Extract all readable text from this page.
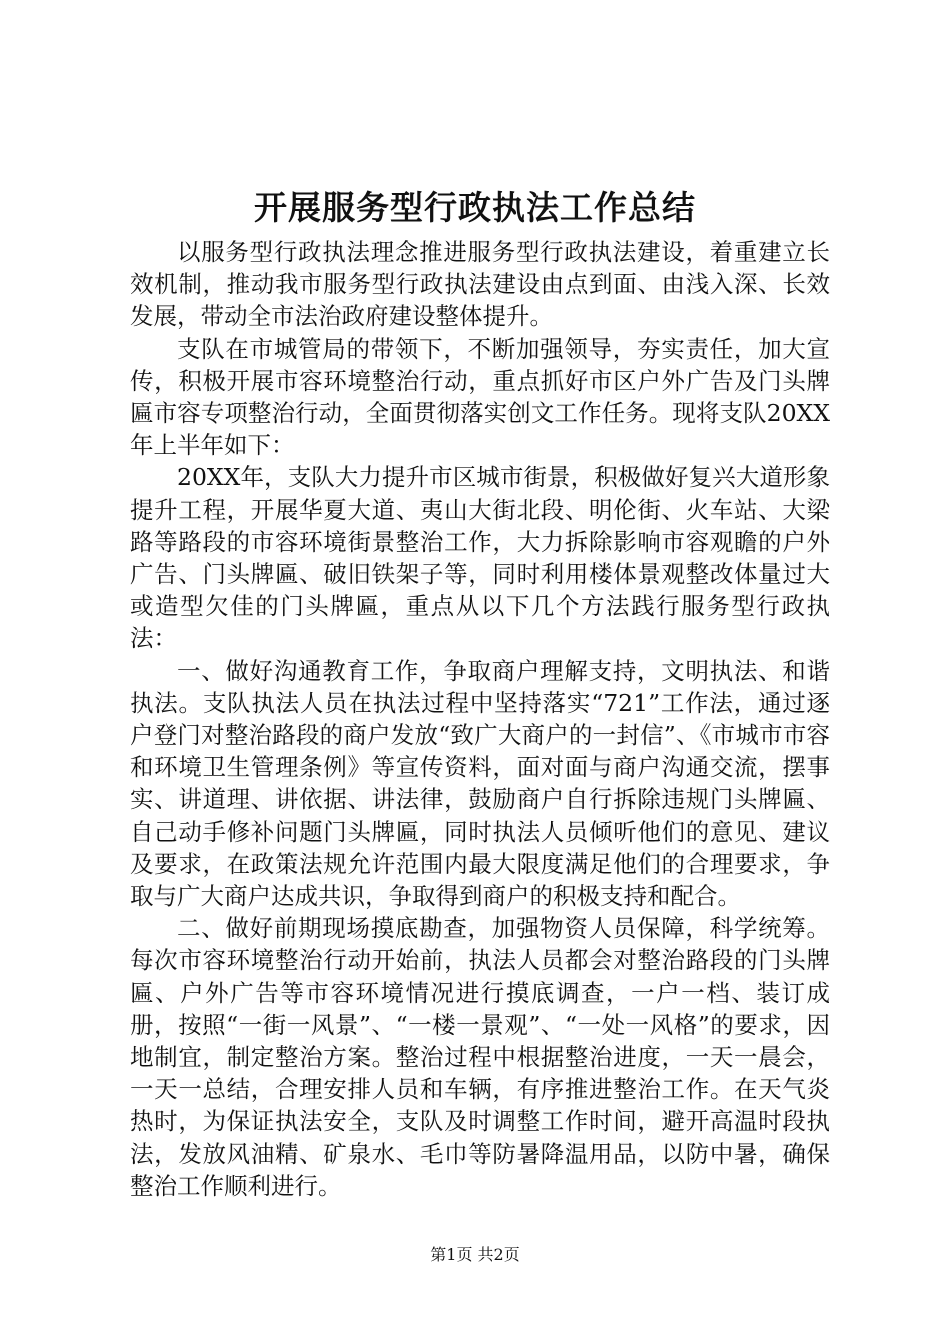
开展服务型行政执法工作总结

以服务型行政执法理念推进服务型行政执法建设，着重建立长效机制，推动我市服务型行政执法建设由点到面、由浅入深、长效发展，带动全市法治政府建设整体提升。

支队在市城管局的带领下，不断加强领导，夯实责任，加大宣传，积极开展市容环境整治行动，重点抓好市区户外广告及门头牌匾市容专项整治行动，全面贯彻落实创文工作任务。现将支队20XX年上半年如下：

20XX年，支队大力提升市区城市街景，积极做好复兴大道形象提升工程，开展华夏大道、夷山大街北段、明伦街、火车站、大梁路等路段的市容环境街景整治工作，大力拆除影响市容观瞻的户外广告、门头牌匾、破旧铁架子等，同时利用楼体景观整改体量过大或造型欠佳的门头牌匾，重点从以下几个方法践行服务型行政执法：

一、做好沟通教育工作，争取商户理解支持，文明执法、和谐执法。支队执法人员在执法过程中坚持落实“721”工作法，通过逐户登门对整治路段的商户发放“致广大商户的一封信”、《市城市市容和环境卫生管理条例》等宣传资料，面对面与商户沟通交流，摆事实、讲道理、讲依据、讲法律，鼓励商户自行拆除违规门头牌匾、自己动手修补问题门头牌匾，同时执法人员倾听他们的意见、建议及要求，在政策法规允许范围内最大限度满足他们的合理要求，争取与广大商户达成共识，争取得到商户的积极支持和配合。

二、做好前期现场摸底勘查，加强物资人员保障，科学统筹。每次市容环境整治行动开始前，执法人员都会对整治路段的门头牌匾、户外广告等市容环境情况进行摸底调查，一户一档、装订成册，按照“一街一风景”、“一楼一景观”、“一处一风格”的要求，因地制宜，制定整治方案。整治过程中根据整治进度，一天一晨会，一天一总结，合理安排人员和车辆，有序推进整治工作。在天气炎热时，为保证执法安全，支队及时调整工作时间，避开高温时段执法，发放风油精、矿泉水、毛巾等防暑降温用品，以防中暑，确保整治工作顺利进行。

第1页 共2页
